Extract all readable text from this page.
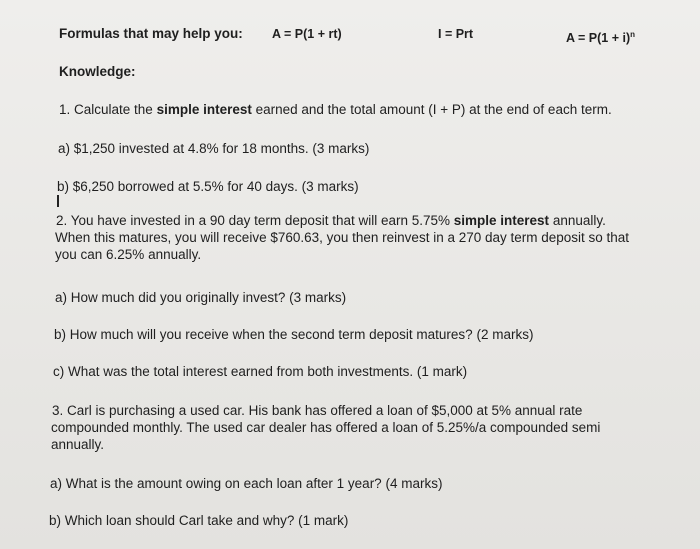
Formulas that may help you: A = P(1 + rt)	I = Prt	$A = P(1 + i)^n$
Knowledge:
1. Calculate the simple interest earned and the total amount (I + P) at the end of each term.
a) $1,250 invested at 4.8% for 18 months. (3 marks)
b) $6,250 borrowed at 5.5% for 40 days. (3 marks)
2. You have invested in a 90 day term deposit that will earn 5.75% simple interest annually.
When this matures, you will receive $760.63, you then reinvest in a 270 day term deposit so that
you can 6.25% annually.
a) How much did you originally invest? (3 marks)
b) How much will you receive when the second term deposit matures? (2 marks)
c) What was the total interest earned from both investments. (1 mark)
3. Carl is purchasing a used car. His bank has offered a loan of $5,000 at 5% annual rate
compounded monthly. The used car dealer has offered a loan of 5.25%/a compounded semi
annually.
a) What is the amount owing on each loan after 1 year? (4 marks)
b) Which loan should Carl take and why? (1 mark)
